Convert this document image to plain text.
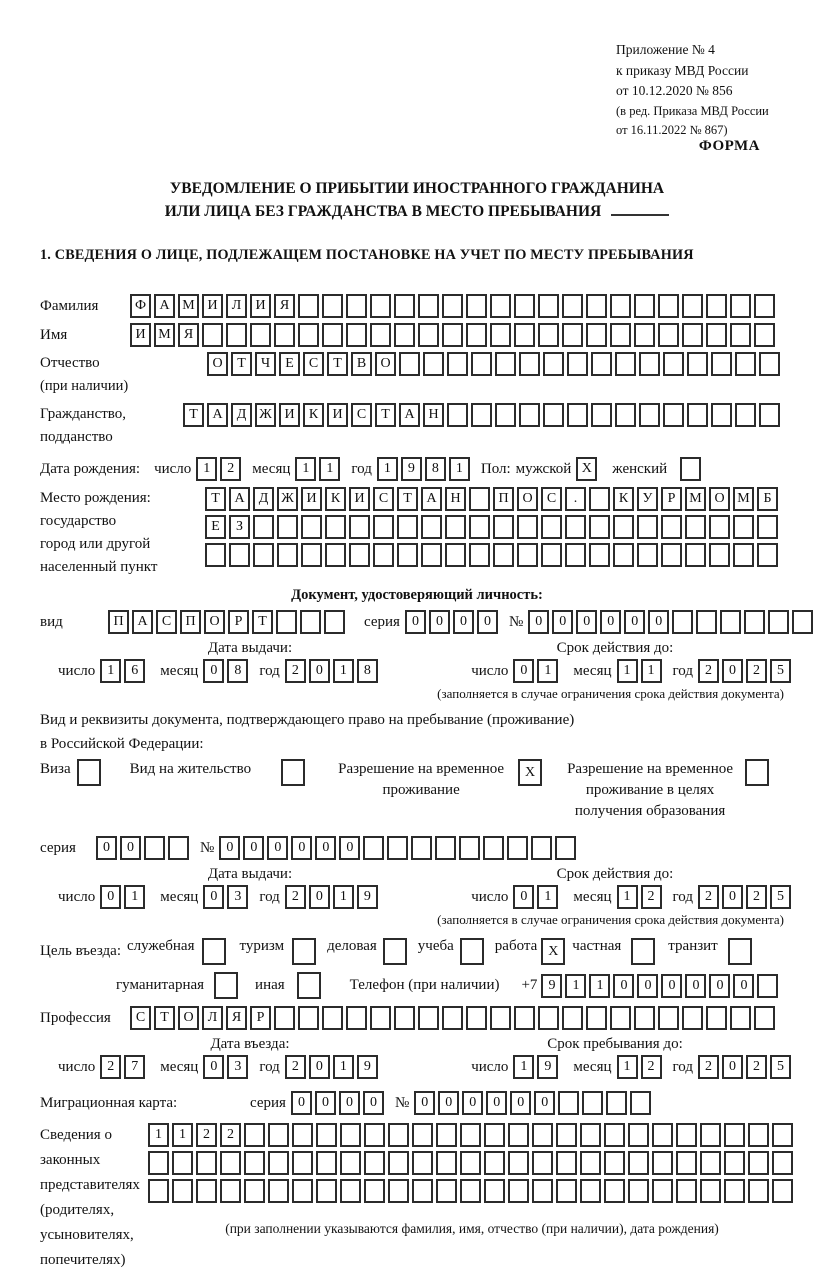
Приложение № 4
к приказу МВД России
от 10.12.2020 № 856
(в ред. Приказа МВД России
от 16.11.2022 № 867)
ФОРМА
УВЕДОМЛЕНИЕ О ПРИБЫТИИ ИНОСТРАННОГО ГРАЖДАНИНА
ИЛИ ЛИЦА БЕЗ ГРАЖДАНСТВА В МЕСТО ПРЕБЫВАНИЯ
1. СВЕДЕНИЯ О ЛИЦЕ, ПОДЛЕЖАЩЕМ ПОСТАНОВКЕ НА УЧЕТ ПО МЕСТУ ПРЕБЫВАНИЯ
Фамилия	Ф А М И	Л	И	Я
Имя	И М Я
Отчество
(при наличии)
О	Т	Ч	Е	С	Т	В	О
Гражданство,
подданство
Т	А	Д Ж И	К	И	С	Т	А Н
Дата рождения: число 1	2	месяц 1	1	год 1	9	8	1	Пол: мужской X	женский
Место рождения:
государство
город или другой
населенный пункт
Т	А	Д Ж И	К	И	С	Т	А Н	П О	С	.	К	У	Р М О М Б
Е	З
Документ, удостоверяющий личность:
вид	П А	С	П О	Р	Т	серия 0	0	0	0	№ 0	0	0	0	0	0
Дата выдачи:	Срок действия до:
число 1	6	месяц 0	8	год 2	0	1	8	число 0	1	месяц 1	1	год 2	0	2	5
(заполняется в случае ограничения срока действия документа)
Вид и реквизиты документа, подтверждающего право на пребывание (проживание)
в Российской Федерации:
Виза	Вид на жительство	Разрешение на временное
проживание
X	Разрешение на временное
проживание в целях
получения образования
серия	0	0	№ 0	0	0	0	0	0
Дата выдачи:	Срок действия до:
число 0	1	месяц 0	3	год 2	0	1	9	число 0	1	месяц 1	2	год 2	0	2	5
(заполняется в случае ограничения срока действия документа)
Цель въезда: служебная	туризм	деловая	учеба	работа X частная	транзит
гуманитарная	иная	Телефон (при наличии) +7 9	1	1	0	0	0	0	0	0
Профессия	С	Т	О	Л	Я	Р
Дата въезда:	Срок пребывания до:
число 2	7	месяц 0	3	год 2	0	1	9	число 1	9	месяц 1	2	год 2	0	2	5
Миграционная карта:	серия 0	0	0	0	№ 0	0	0	0	0	0
Сведения о
законных
представителях
(родителях,
усыновителях,
попечителях)
1	1	2	2
(при заполнении указываются фамилия, имя, отчество (при наличии), дата рождения)
